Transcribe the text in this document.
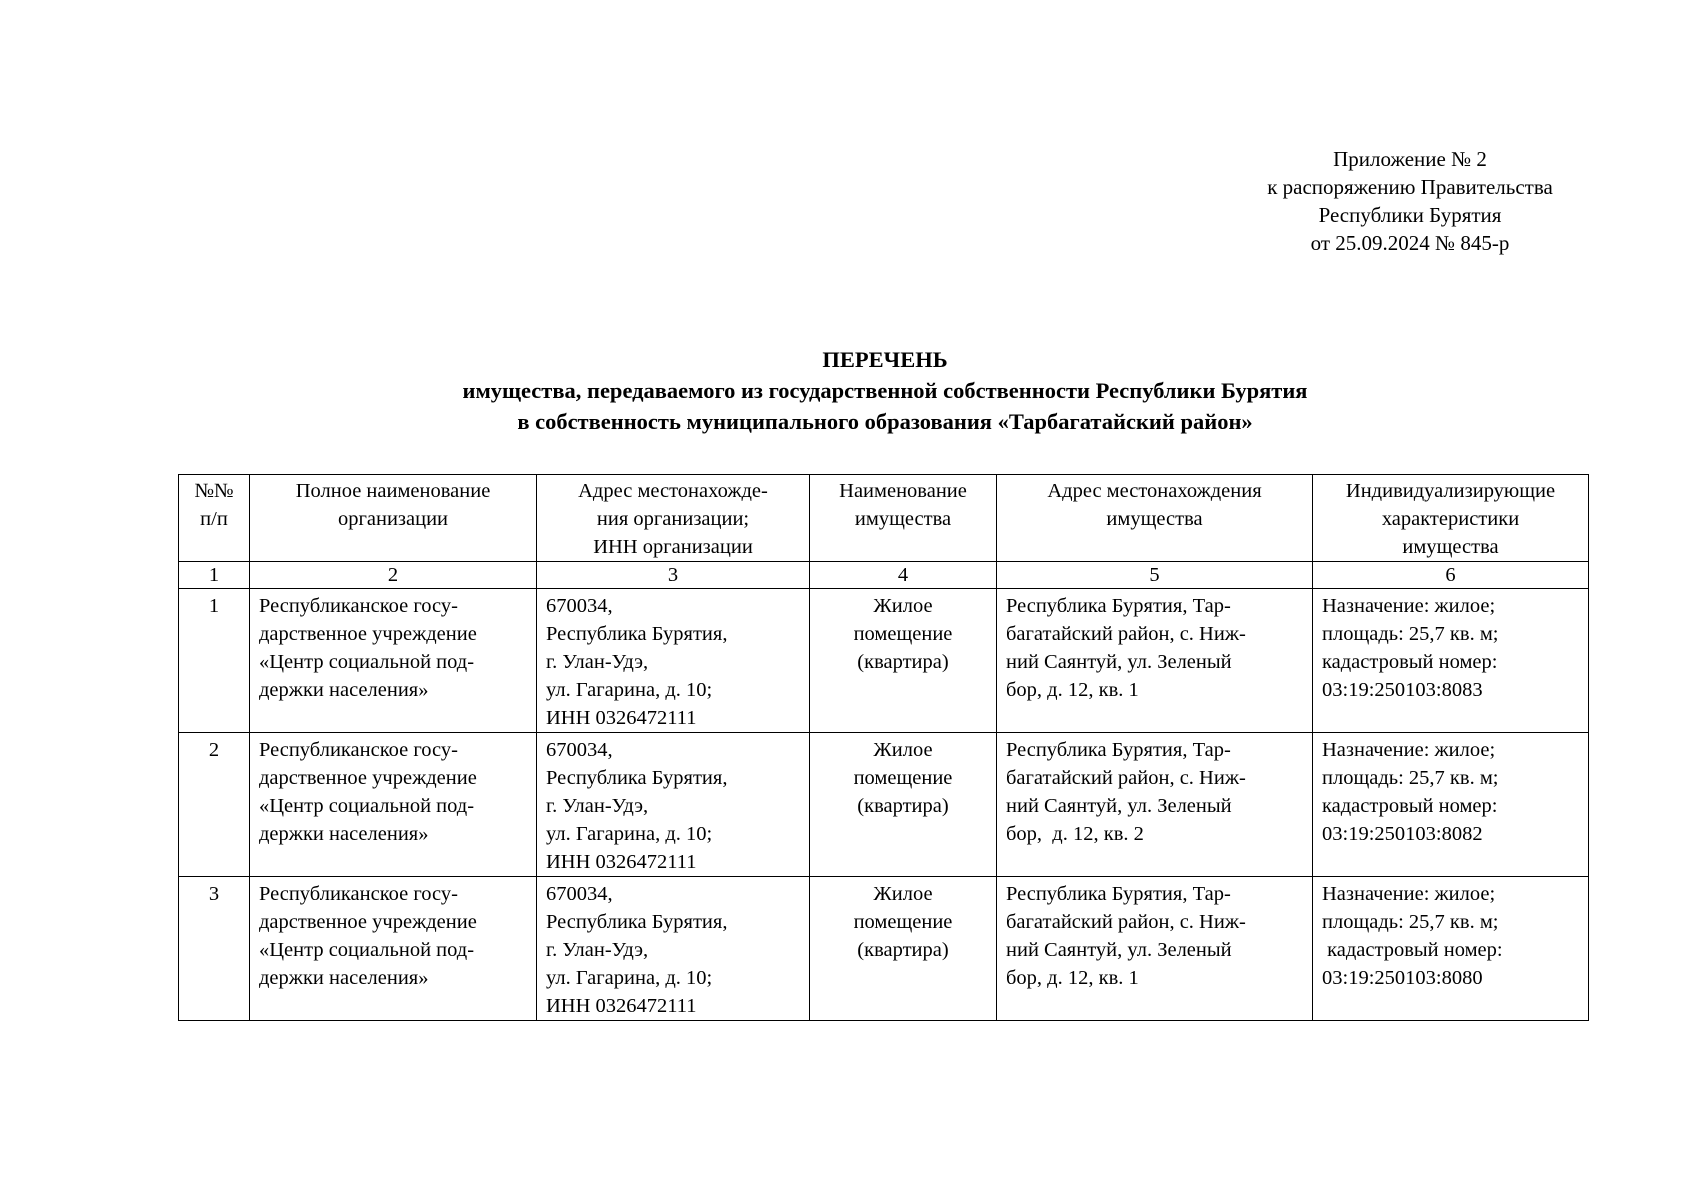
Приложение № 2
к распоряжению Правительства
Республики Бурятия
от 25.09.2024 № 845-р
ПЕРЕЧЕНЬ
имущества, передаваемого из государственной собственности Республики Бурятия
в собственность муниципального образования «Тарбагатайский район»
№№
п/п	Полное наименование
организации	Адрес местонахожде-
ния организации;
ИНН организации	Наименование
имущества	Адрес местонахождения
имущества	Индивидуализирующие
характеристики
имущества

1	2	3	4	5	6
1	Республиканское госу-
дарственное учреждение
«Центр социальной под-
держки населения»	670034,
Республика Бурятия,
г. Улан-Удэ,
ул. Гагарина, д. 10;
ИНН 0326472111	Жилое
помещение
(квартира)	Республика Бурятия, Тар-
багатайский район, с. Ниж-
ний Саянтуй, ул. Зеленый
бор, д. 12, кв. 1	Назначение: жилое;
площадь: 25,7 кв. м;
кадастровый номер:
03:19:250103:8083

2	Республиканское госу-
дарственное учреждение
«Центр социальной под-
держки населения»	670034,
Республика Бурятия,
г. Улан-Удэ,
ул. Гагарина, д. 10;
ИНН 0326472111	Жилое
помещение
(квартира)	Республика Бурятия, Тар-
багатайский район, с. Ниж-
ний Саянтуй, ул. Зеленый
бор,  д. 12, кв. 2	Назначение: жилое;
площадь: 25,7 кв. м;
кадастровый номер:
03:19:250103:8082

3	Республиканское госу-
дарственное учреждение
«Центр социальной под-
держки населения»	670034,
Республика Бурятия,
г. Улан-Удэ,
ул. Гагарина, д. 10;
ИНН 0326472111	Жилое
помещение
(квартира)	Республика Бурятия, Тар-
багатайский район, с. Ниж-
ний Саянтуй, ул. Зеленый
бор, д. 12, кв. 1	Назначение: жилое;
площадь: 25,7 кв. м;
кадастровый номер:
03:19:250103:8080
